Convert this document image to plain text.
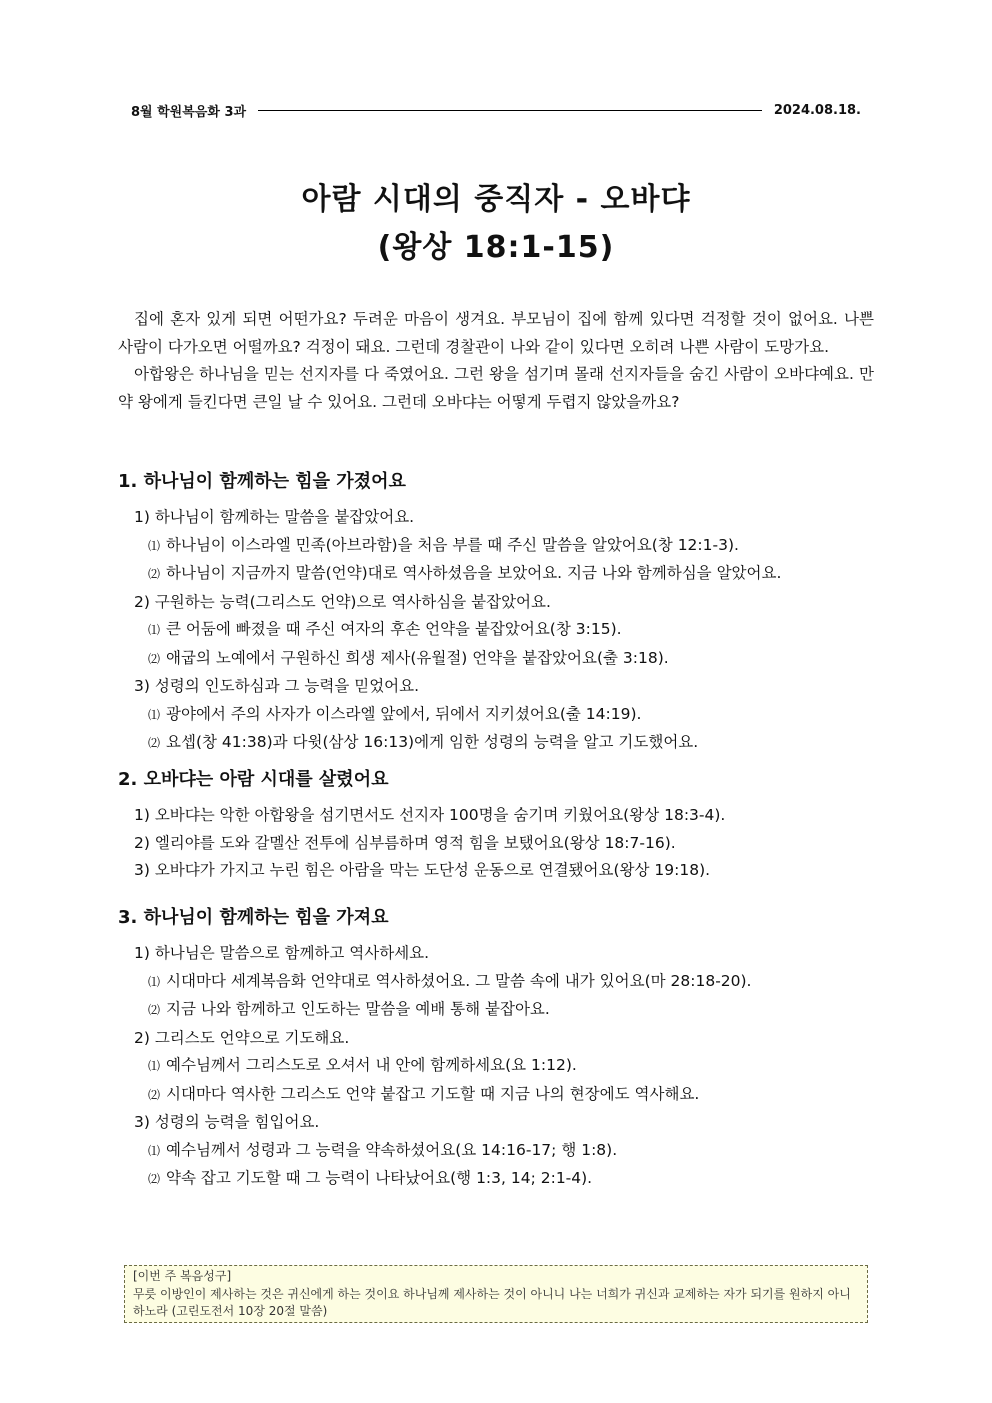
8월 학원복음화 3과	2024.08.18.
아람 시대의 중직자 - 오바댜
(왕상 18:1-15)

집에 혼자 있게 되면 어떤가요? 두려운 마음이 생겨요. 부모님이 집에 함께 있다면 걱정할 것이 없어요. 나쁜 사람이 다가오면 어떨까요? 걱정이 돼요. 그런데 경찰관이 나와 같이 있다면 오히려 나쁜 사람이 도망가요.

아합왕은 하나님을 믿는 선지자를 다 죽였어요. 그런 왕을 섬기며 몰래 선지자들을 숨긴 사람이 오바댜예요. 만약 왕에게 들킨다면 큰일 날 수 있어요. 그런데 오바댜는 어떻게 두렵지 않았을까요?

1. 하나님이 함께하는 힘을 가졌어요
1) 하나님이 함께하는 말씀을 붙잡았어요.
⑴ 하나님이 이스라엘 민족(아브라함)을 처음 부를 때 주신 말씀을 알았어요(창 12:1-3).
⑵ 하나님이 지금까지 말씀(언약)대로 역사하셨음을 보았어요. 지금 나와 함께하심을 알았어요.
2) 구원하는 능력(그리스도 언약)으로 역사하심을 붙잡았어요.
⑴ 큰 어둠에 빠졌을 때 주신 여자의 후손 언약을 붙잡았어요(창 3:15).
⑵ 애굽의 노예에서 구원하신 희생 제사(유월절) 언약을 붙잡았어요(출 3:18).
3) 성령의 인도하심과 그 능력을 믿었어요.
⑴ 광야에서 주의 사자가 이스라엘 앞에서, 뒤에서 지키셨어요(출 14:19).
⑵ 요셉(창 41:38)과 다윗(삼상 16:13)에게 임한 성령의 능력을 알고 기도했어요.
2. 오바댜는 아람 시대를 살렸어요
1) 오바댜는 악한 아합왕을 섬기면서도 선지자 100명을 숨기며 키웠어요(왕상 18:3-4).
2) 엘리야를 도와 갈멜산 전투에 심부름하며 영적 힘을 보탰어요(왕상 18:7-16).
3) 오바댜가 가지고 누린 힘은 아람을 막는 도단성 운동으로 연결됐어요(왕상 19:18).
3. 하나님이 함께하는 힘을 가져요
1) 하나님은 말씀으로 함께하고 역사하세요.
⑴ 시대마다 세계복음화 언약대로 역사하셨어요. 그 말씀 속에 내가 있어요(마 28:18-20).
⑵ 지금 나와 함께하고 인도하는 말씀을 예배 통해 붙잡아요.
2) 그리스도 언약으로 기도해요.
⑴ 예수님께서 그리스도로 오셔서 내 안에 함께하세요(요 1:12).
⑵ 시대마다 역사한 그리스도 언약 붙잡고 기도할 때 지금 나의 현장에도 역사해요.
3) 성령의 능력을 힘입어요.
⑴ 예수님께서 성령과 그 능력을 약속하셨어요(요 14:16-17; 행 1:8).
⑵ 약속 잡고 기도할 때 그 능력이 나타났어요(행 1:3, 14; 2:1-4).
[이번 주 복음성구]
무릇 이방인이 제사하는 것은 귀신에게 하는 것이요 하나님께 제사하는 것이 아니니 나는 너희가 귀신과 교제하는 자가 되기를 원하지 아니하노라 (고린도전서 10장 20절 말씀)
